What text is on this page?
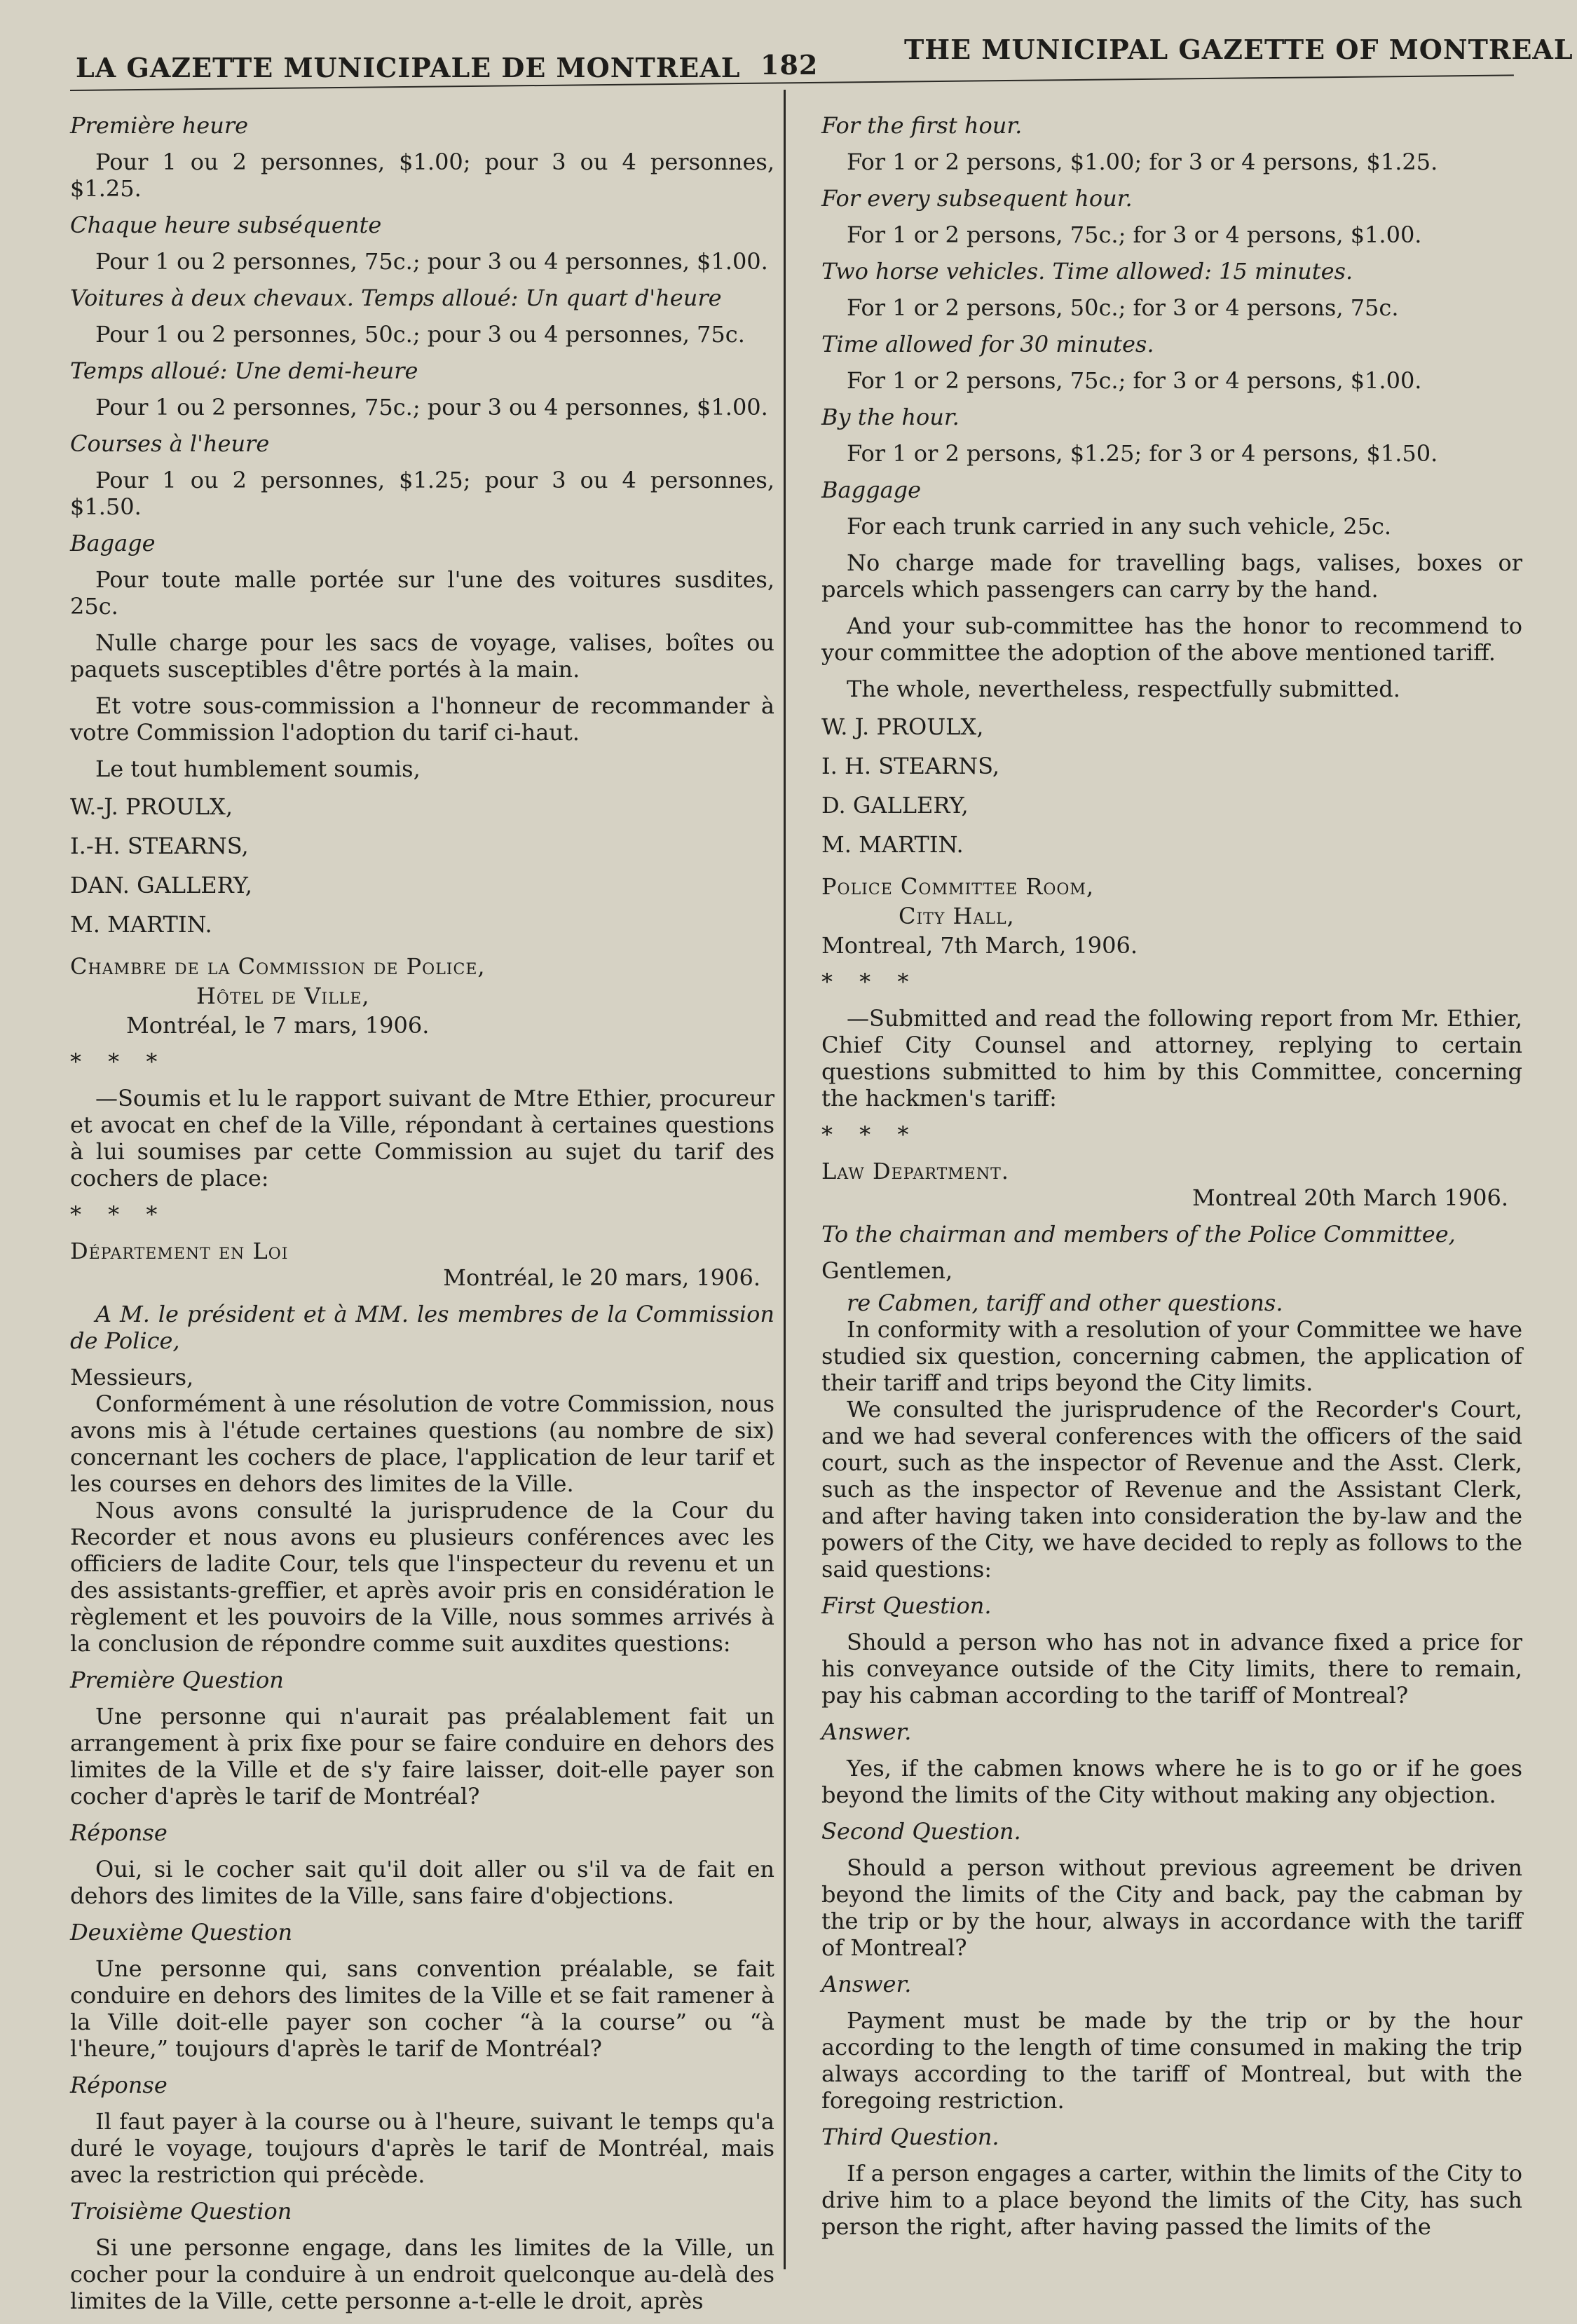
LA GAZETTE MUNICIPALE DE MONTREAL 182	THE MUNICIPAL GAZETTE OF MONTREAL

Première heure

Pour 1 ou 2 personnes, $1.00; pour 3 ou 4 personnes, $1.25.

Chaque heure subséquente

Pour 1 ou 2 personnes, 75c.; pour 3 ou 4 personnes, $1.00.

Voitures à deux chevaux. Temps alloué: Un quart d'heure

Pour 1 ou 2 personnes, 50c.; pour 3 ou 4 personnes, 75c.

Temps alloué: Une demi-heure

Pour 1 ou 2 personnes, 75c.; pour 3 ou 4 personnes, $1.00.

Courses à l'heure

Pour 1 ou 2 personnes, $1.25; pour 3 ou 4 personnes, $1.50.

Bagage

Pour toute malle portée sur l'une des voitures susdites, 25c.

Nulle charge pour les sacs de voyage, valises, boîtes ou paquets susceptibles d'être portés à la main.

Et votre sous-commission a l'honneur de recommander à votre Commission l'adoption du tarif ci-haut.

Le tout humblement soumis,

W.-J. PROULX,

I.-H. STEARNS,

DAN. GALLERY,

M. MARTIN.

Chambre de la Commission de Police,

Hôtel de Ville,

Montréal, le 7 mars, 1906.

* * *

—Soumis et lu le rapport suivant de Mtre Ethier, procureur et avocat en chef de la Ville, répondant à certaines questions à lui soumises par cette Commission au sujet du tarif des cochers de place:

* * *

Département en Loi

Montréal, le 20 mars, 1906.

A M. le président et à MM. les membres de la Commission de Police,

Messieurs,

Conformément à une résolution de votre Commission, nous avons mis à l'étude certaines questions (au nombre de six) concernant les cochers de place, l'application de leur tarif et les courses en dehors des limites de la Ville.

Nous avons consulté la jurisprudence de la Cour du Recorder et nous avons eu plusieurs conférences avec les officiers de ladite Cour, tels que l'inspecteur du revenu et un des assistants-greffier, et après avoir pris en considération le règlement et les pouvoirs de la Ville, nous sommes arrivés à la conclusion de répondre comme suit auxdites questions:

Première Question

Une personne qui n'aurait pas préalablement fait un arrangement à prix fixe pour se faire conduire en dehors des limites de la Ville et de s'y faire laisser, doit-elle payer son cocher d'après le tarif de Montréal?

Réponse

Oui, si le cocher sait qu'il doit aller ou s'il va de fait en dehors des limites de la Ville, sans faire d'objections.

Deuxième Question

Une personne qui, sans convention préalable, se fait conduire en dehors des limites de la Ville et se fait ramener à la Ville doit-elle payer son cocher “à la course” ou “à l'heure,” toujours d'après le tarif de Montréal?

Réponse

Il faut payer à la course ou à l'heure, suivant le temps qu'a duré le voyage, toujours d'après le tarif de Montréal, mais avec la restriction qui précède.

Troisième Question

Si une personne engage, dans les limites de la Ville, un cocher pour la conduire à un endroit quelconque au-delà des limites de la Ville, cette personne a-t-elle le droit, après

For the first hour.

For 1 or 2 persons, $1.00; for 3 or 4 persons, $1.25.

For every subsequent hour.

For 1 or 2 persons, 75c.; for 3 or 4 persons, $1.00.

Two horse vehicles. Time allowed: 15 minutes.

For 1 or 2 persons, 50c.; for 3 or 4 persons, 75c.

Time allowed for 30 minutes.

For 1 or 2 persons, 75c.; for 3 or 4 persons, $1.00.

By the hour.

For 1 or 2 persons, $1.25; for 3 or 4 persons, $1.50.

Baggage

For each trunk carried in any such vehicle, 25c.

No charge made for travelling bags, valises, boxes or parcels which passengers can carry by the hand.

And your sub-committee has the honor to recommend to your committee the adoption of the above mentioned tariff.

The whole, nevertheless, respectfully submitted.

W. J. PROULX,

I. H. STEARNS,

D. GALLERY,

M. MARTIN.

Police Committee Room,

City Hall,

Montreal, 7th March, 1906.

* * *

—Submitted and read the following report from Mr. Ethier, Chief City Counsel and attorney, replying to certain questions submitted to him by this Committee, concerning the hackmen's tariff:

* * *

Law Department.

Montreal 20th March 1906.

To the chairman and members of the Police Committee,

Gentlemen,

re Cabmen, tariff and other questions.

In conformity with a resolution of your Committee we have studied six question, concerning cabmen, the application of their tariff and trips beyond the City limits.

We consulted the jurisprudence of the Recorder's Court, and we had several conferences with the officers of the said court, such as the inspector of Revenue and the Asst. Clerk, such as the inspector of Revenue and the Assistant Clerk, and after having taken into consideration the by-law and the powers of the City, we have decided to reply as follows to the said questions:

First Question.

Should a person who has not in advance fixed a price for his conveyance outside of the City limits, there to remain, pay his cabman according to the tariff of Montreal?

Answer.

Yes, if the cabmen knows where he is to go or if he goes beyond the limits of the City without making any objection.

Second Question.

Should a person without previous agreement be driven beyond the limits of the City and back, pay the cabman by the trip or by the hour, always in accordance with the tariff of Montreal?

Answer.

Payment must be made by the trip or by the hour according to the length of time consumed in making the trip always according to the tariff of Montreal, but with the foregoing restriction.

Third Question.

If a person engages a carter, within the limits of the City to drive him to a place beyond the limits of the City, has such person the right, after having passed the limits of the
